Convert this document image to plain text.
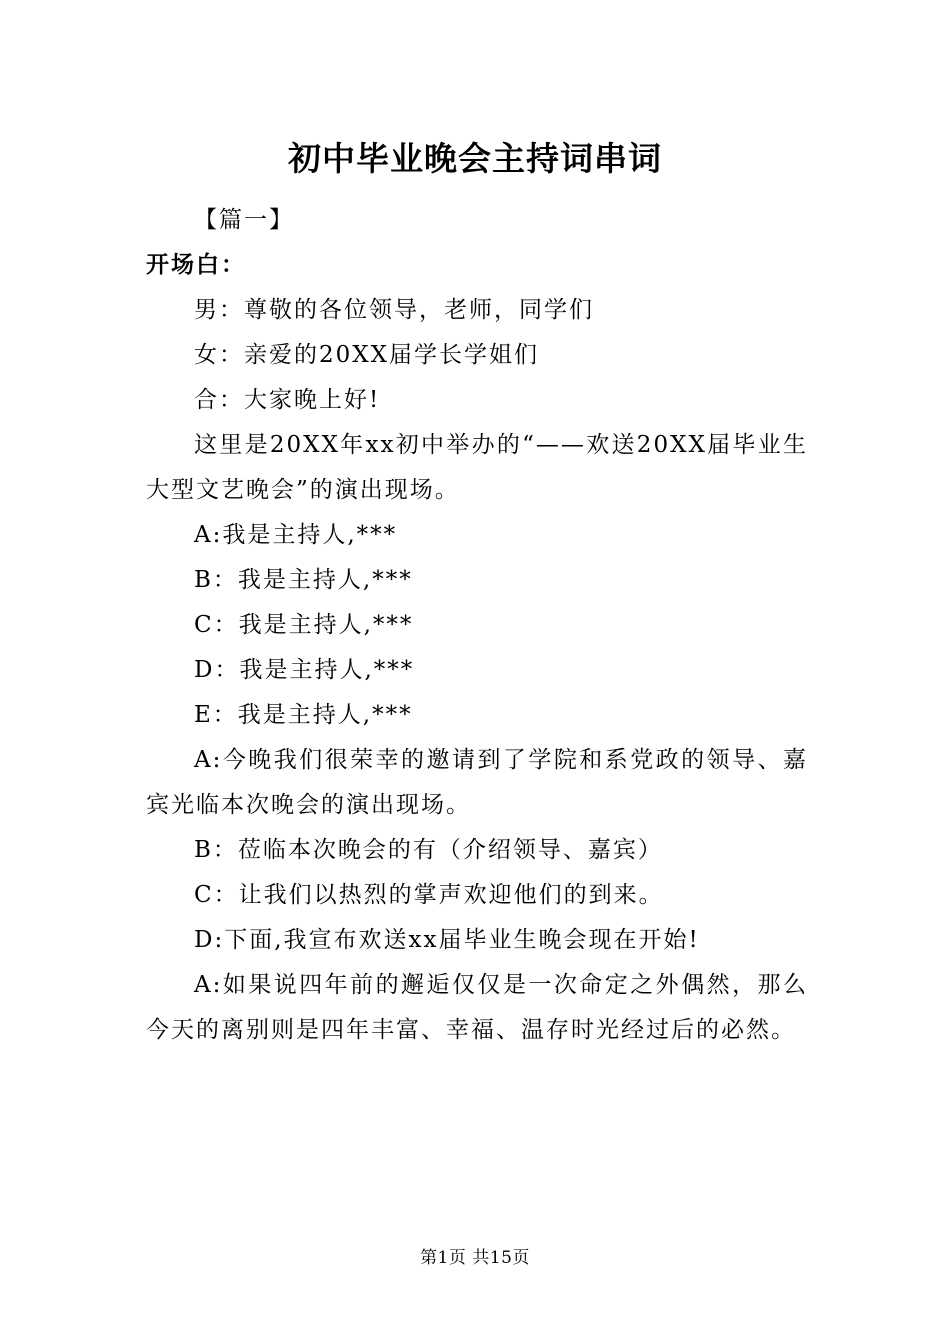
初中毕业晚会主持词串词

【篇一】

开场白：

男：尊敬的各位领导，老师，同学们

女：亲爱的20XX届学长学姐们

合：大家晚上好!

这里是20XX年xx初中举办的“——欢送20XX届毕业生大型文艺晚会”的演出现场。

A:我是主持人,***

B：我是主持人,***

C：我是主持人,***

D：我是主持人,***

E：我是主持人,***

A:今晚我们很荣幸的邀请到了学院和系党政的领导、嘉宾光临本次晚会的演出现场。

B：莅临本次晚会的有（介绍领导、嘉宾）

C：让我们以热烈的掌声欢迎他们的到来。

D:下面,我宣布欢送xx届毕业生晚会现在开始!

A:如果说四年前的邂逅仅仅是一次命定之外偶然，那么今天的离别则是四年丰富、幸福、温存时光经过后的必然。

第1页 共15页
